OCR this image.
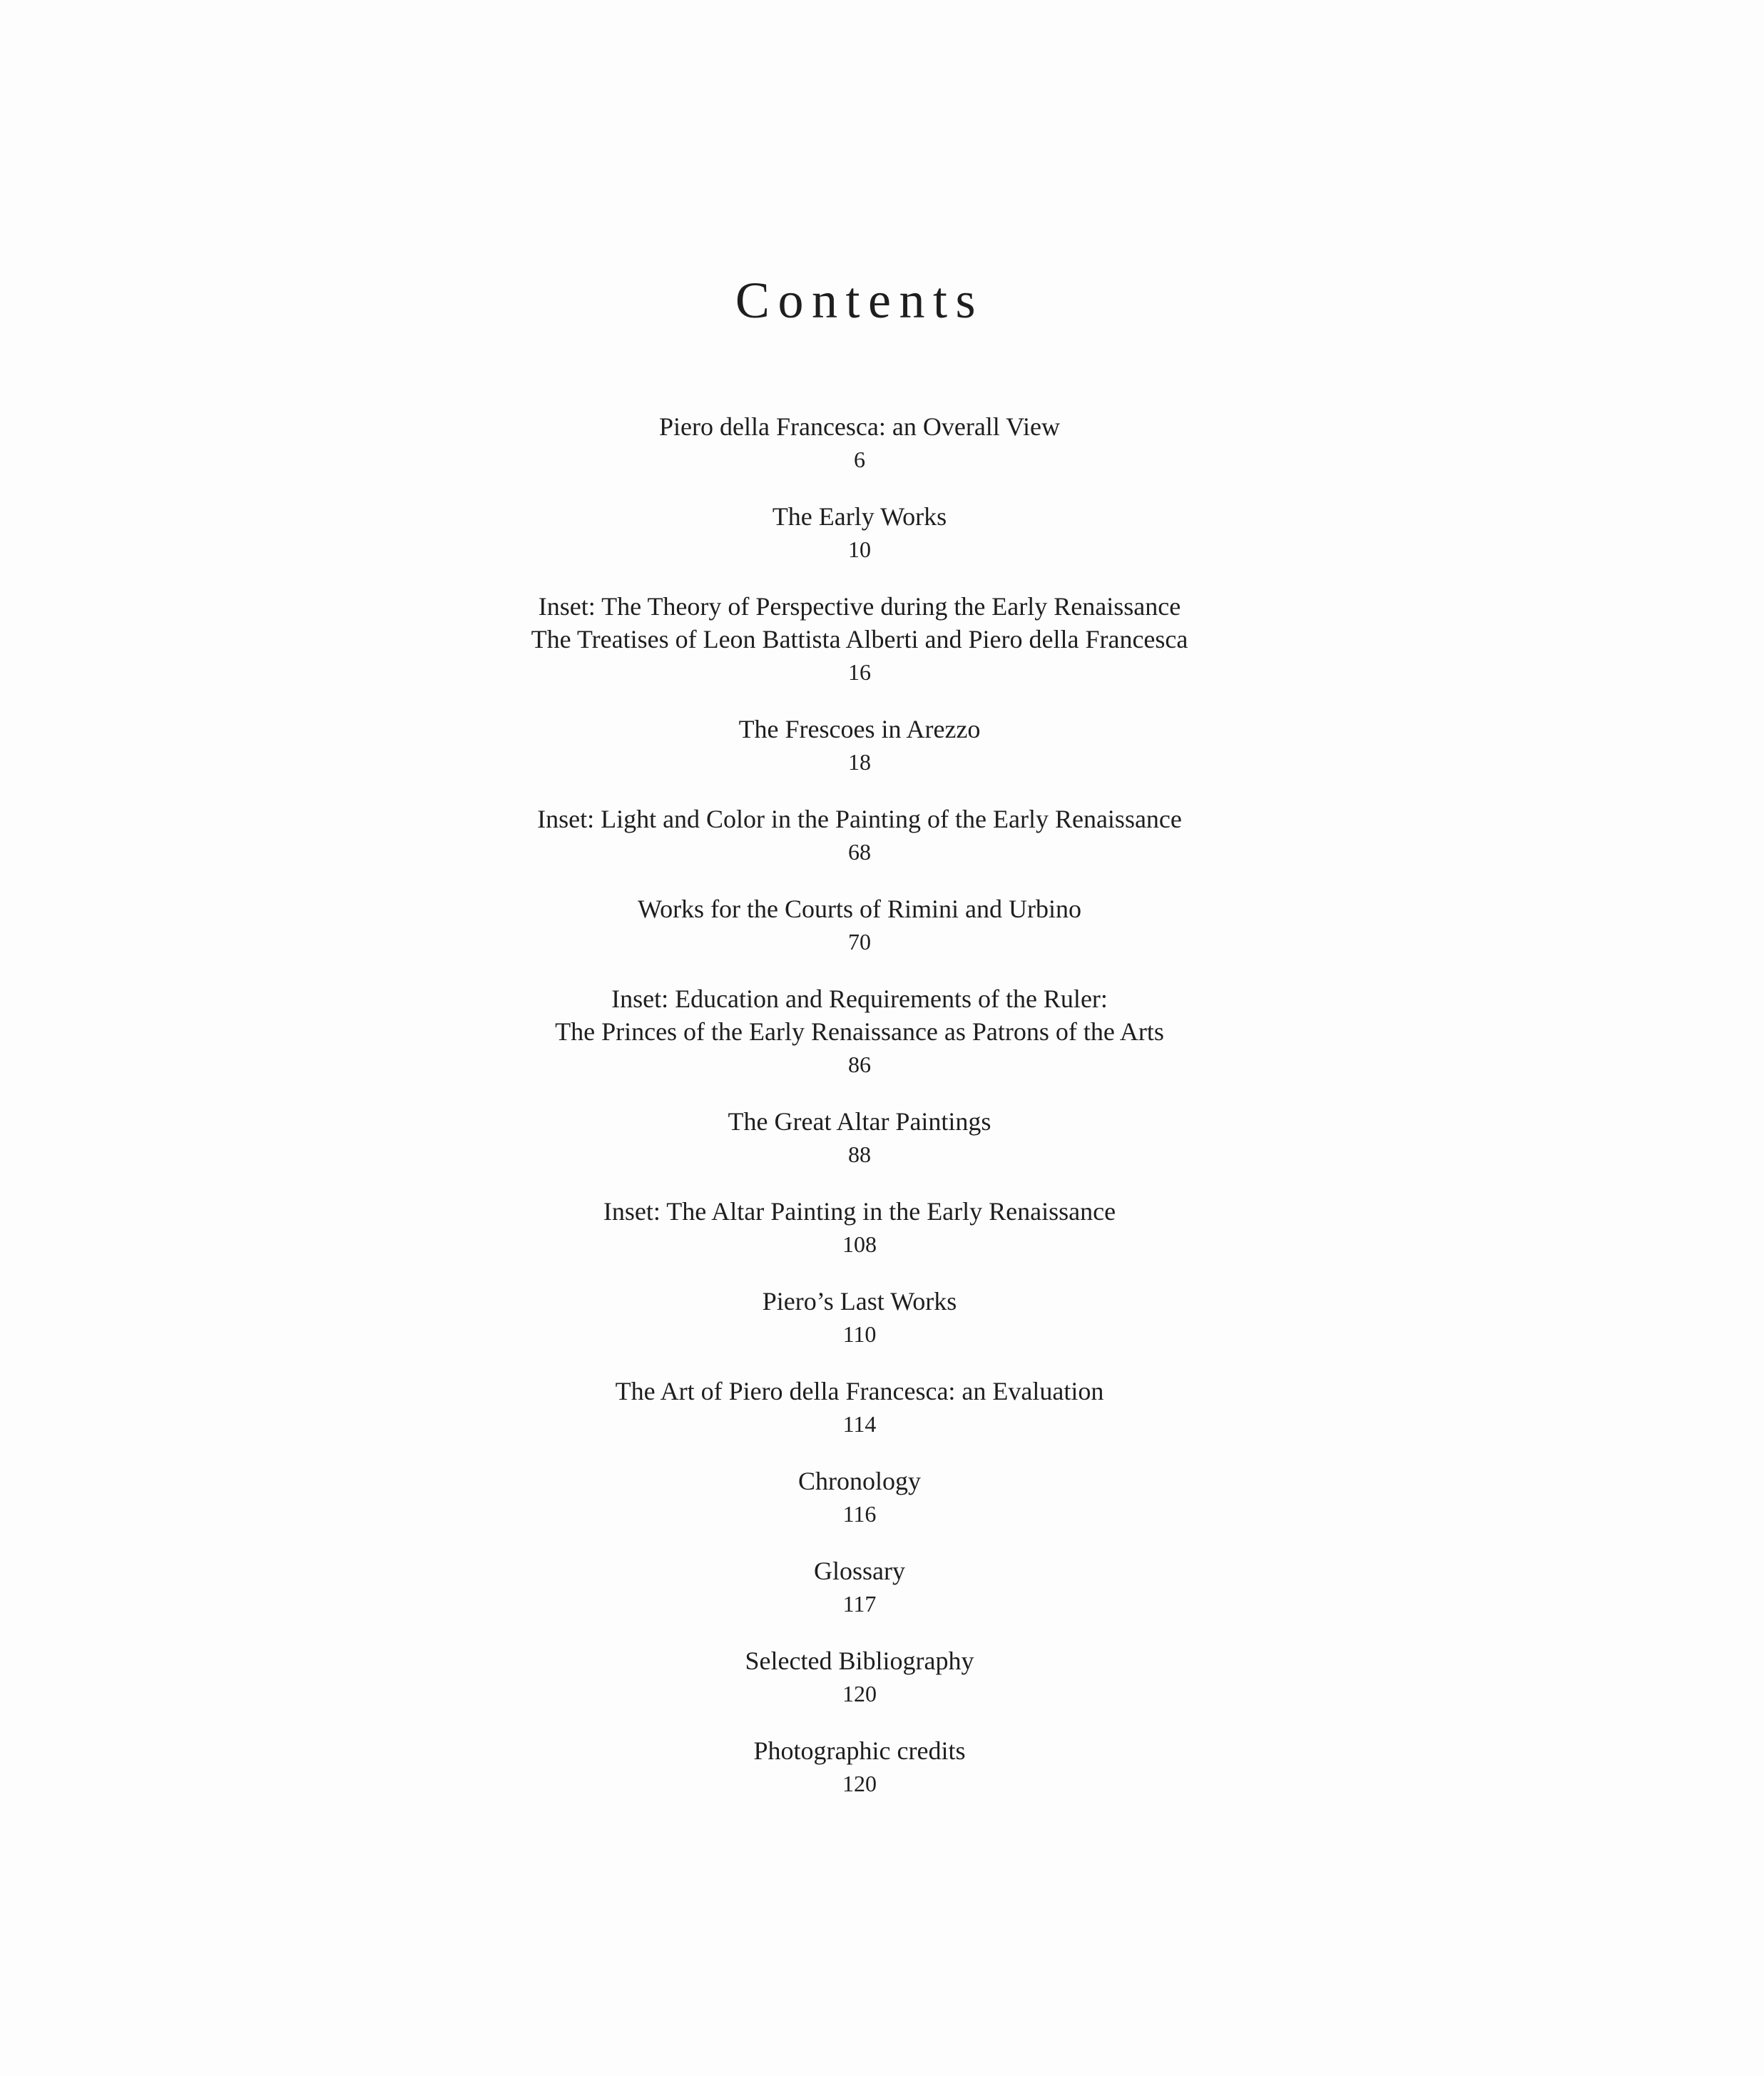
Contents
Piero della Francesca: an Overall View
6
The Early Works
10
Inset: The Theory of Perspective during the Early Renaissance
The Treatises of Leon Battista Alberti and Piero della Francesca
16
The Frescoes in Arezzo
18
Inset: Light and Color in the Painting of the Early Renaissance
68
Works for the Courts of Rimini and Urbino
70
Inset: Education and Requirements of the Ruler:
The Princes of the Early Renaissance as Patrons of the Arts
86
The Great Altar Paintings
88
Inset: The Altar Painting in the Early Renaissance
108
Piero’s Last Works
110
The Art of Piero della Francesca: an Evaluation
114
Chronology
116
Glossary
117
Selected Bibliography
120
Photographic credits
120
